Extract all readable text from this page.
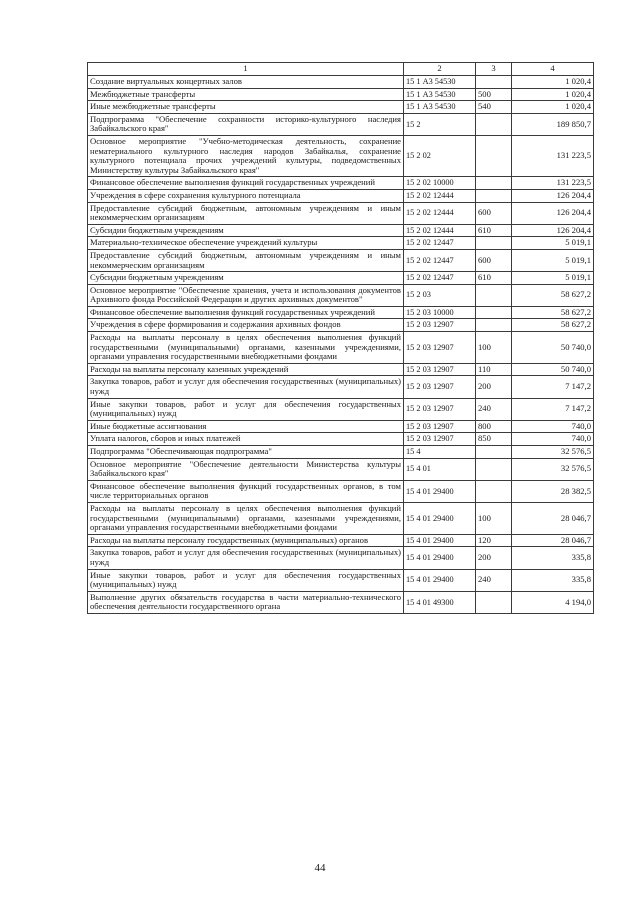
1	2	3	4
Создание виртуальных концертных залов	15 1 А3 54530		1 020,4
Межбюджетные трансферты	15 1 А3 54530	500	1 020,4
Иные межбюджетные трансферты	15 1 А3 54530	540	1 020,4
Подпрограмма "Обеспечение сохранности историко-культурного наследия Забайкальского края"	15 2		189 850,7
Основное мероприятие "Учебно-методическая деятельность, сохранение нематериального культурного наследия народов Забайкалья, сохранение культурного потенциала прочих учреждений культуры, подведомственных Министерству культуры Забайкальского края"	15 2 02		131 223,5
Финансовое обеспечение выполнения функций государственных учреждений	15 2 02 10000		131 223,5
Учреждения в сфере сохранения культурного потенциала	15 2 02 12444		126 204,4
Предоставление субсидий бюджетным, автономным учреждениям и иным некоммерческим организациям	15 2 02 12444	600	126 204,4
Субсидии бюджетным учреждениям	15 2 02 12444	610	126 204,4
Материально-техническое обеспечение учреждений культуры	15 2 02 12447		5 019,1
Предоставление субсидий бюджетным, автономным учреждениям и иным некоммерческим организациям	15 2 02 12447	600	5 019,1
Субсидии бюджетным учреждениям	15 2 02 12447	610	5 019,1
Основное мероприятие "Обеспечение хранения, учета и использования документов Архивного фонда Российской Федерации и других архивных документов"	15 2 03		58 627,2
Финансовое обеспечение выполнения функций государственных учреждений	15 2 03 10000		58 627,2
Учреждения в сфере формирования и содержания архивных фондов	15 2 03 12907		58 627,2
Расходы на выплаты персоналу в целях обеспечения выполнения функций государственными (муниципальными) органами, казенными учреждениями, органами управления государственными внебюджетными фондами	15 2 03 12907	100	50 740,0
Расходы на выплаты персоналу казенных учреждений	15 2 03 12907	110	50 740,0
Закупка товаров, работ и услуг для обеспечения государственных (муниципальных) нужд	15 2 03 12907	200	7 147,2
Иные закупки товаров, работ и услуг для обеспечения государственных (муниципальных) нужд	15 2 03 12907	240	7 147,2
Иные бюджетные ассигнования	15 2 03 12907	800	740,0
Уплата налогов, сборов и иных платежей	15 2 03 12907	850	740,0
Подпрограмма "Обеспечивающая подпрограмма"	15 4		32 576,5
Основное мероприятие "Обеспечение деятельности Министерства культуры Забайкальского края"	15 4 01		32 576,5
Финансовое обеспечение выполнения функций государственных органов, в том числе территориальных органов	15 4 01 29400		28 382,5
Расходы на выплаты персоналу в целях обеспечения выполнения функций государственными (муниципальными) органами, казенными учреждениями, органами управления государственными внебюджетными фондами	15 4 01 29400	100	28 046,7
Расходы на выплаты персоналу государственных (муниципальных) органов	15 4 01 29400	120	28 046,7
Закупка товаров, работ и услуг для обеспечения государственных (муниципальных) нужд	15 4 01 29400	200	335,8
Иные закупки товаров, работ и услуг для обеспечения государственных (муниципальных) нужд	15 4 01 29400	240	335,8
Выполнение других обязательств государства в части материально-технического обеспечения деятельности государственного органа	15 4 01 49300		4 194,0
44
